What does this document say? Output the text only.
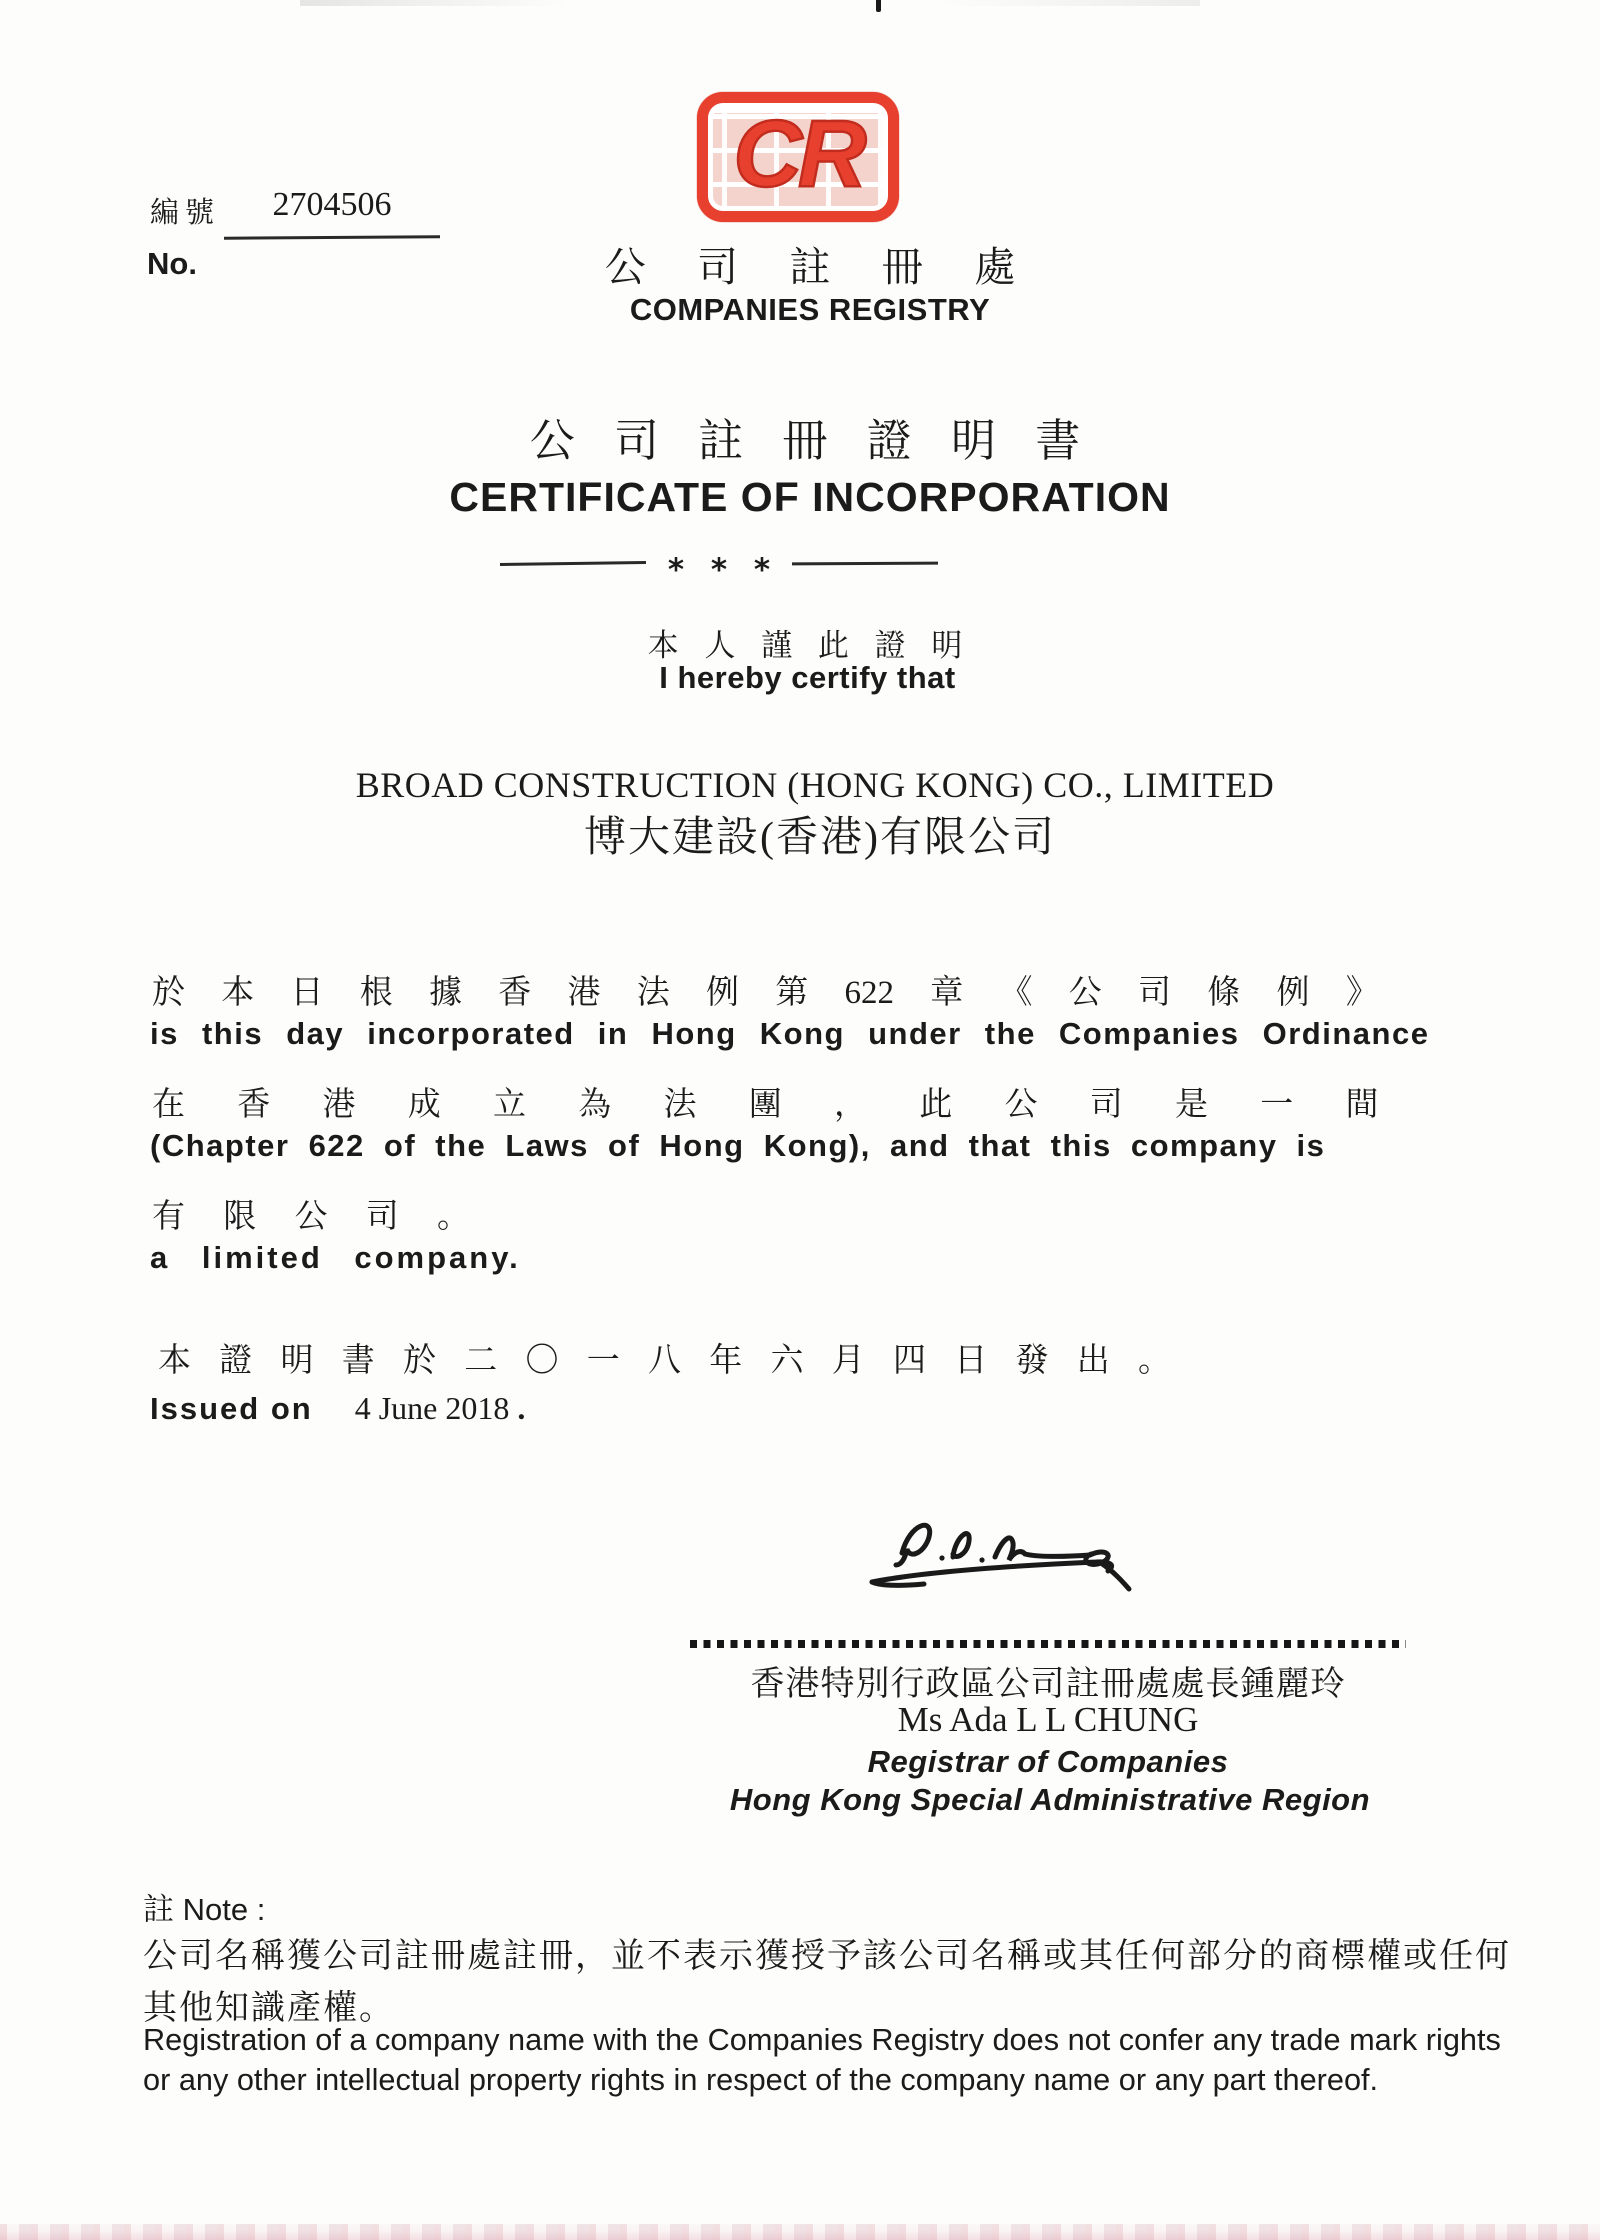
編號	2704506
No.
CR
公 司 註 冊 處
COMPANIES REGISTRY
公 司 註 冊 證 明 書
CERTIFICATE OF INCORPORATION
* * *
本 人 謹 此 證 明
I hereby certify that
BROAD CONSTRUCTION (HONG KONG) CO., LIMITED
博大建設(香港)有限公司
於 本 日 根 據 香 港 法 例 第 622 章 《 公 司 條 例 》
is this day incorporated in Hong Kong under the Companies Ordinance
在 香 港 成 立 為 法 團 ， 此 公 司 是 一 間
(Chapter 622 of the Laws of Hong Kong), and that this company is
有 限 公 司 。
a limited company.
本 證 明 書 於 二 〇 一 八 年 六 月 四 日 發 出 。
Issued on 4 June 2018 .
香港特別行政區公司註冊處處長鍾麗玲
Ms Ada L L CHUNG
Registrar of Companies
Hong Kong Special Administrative Region
註 Note :
公司名稱獲公司註冊處註冊，並不表示獲授予該公司名稱或其任何部分的商標權或任何
其他知識產權。
Registration of a company name with the Companies Registry does not confer any trade mark rights
or any other intellectual property rights in respect of the company name or any part thereof.
